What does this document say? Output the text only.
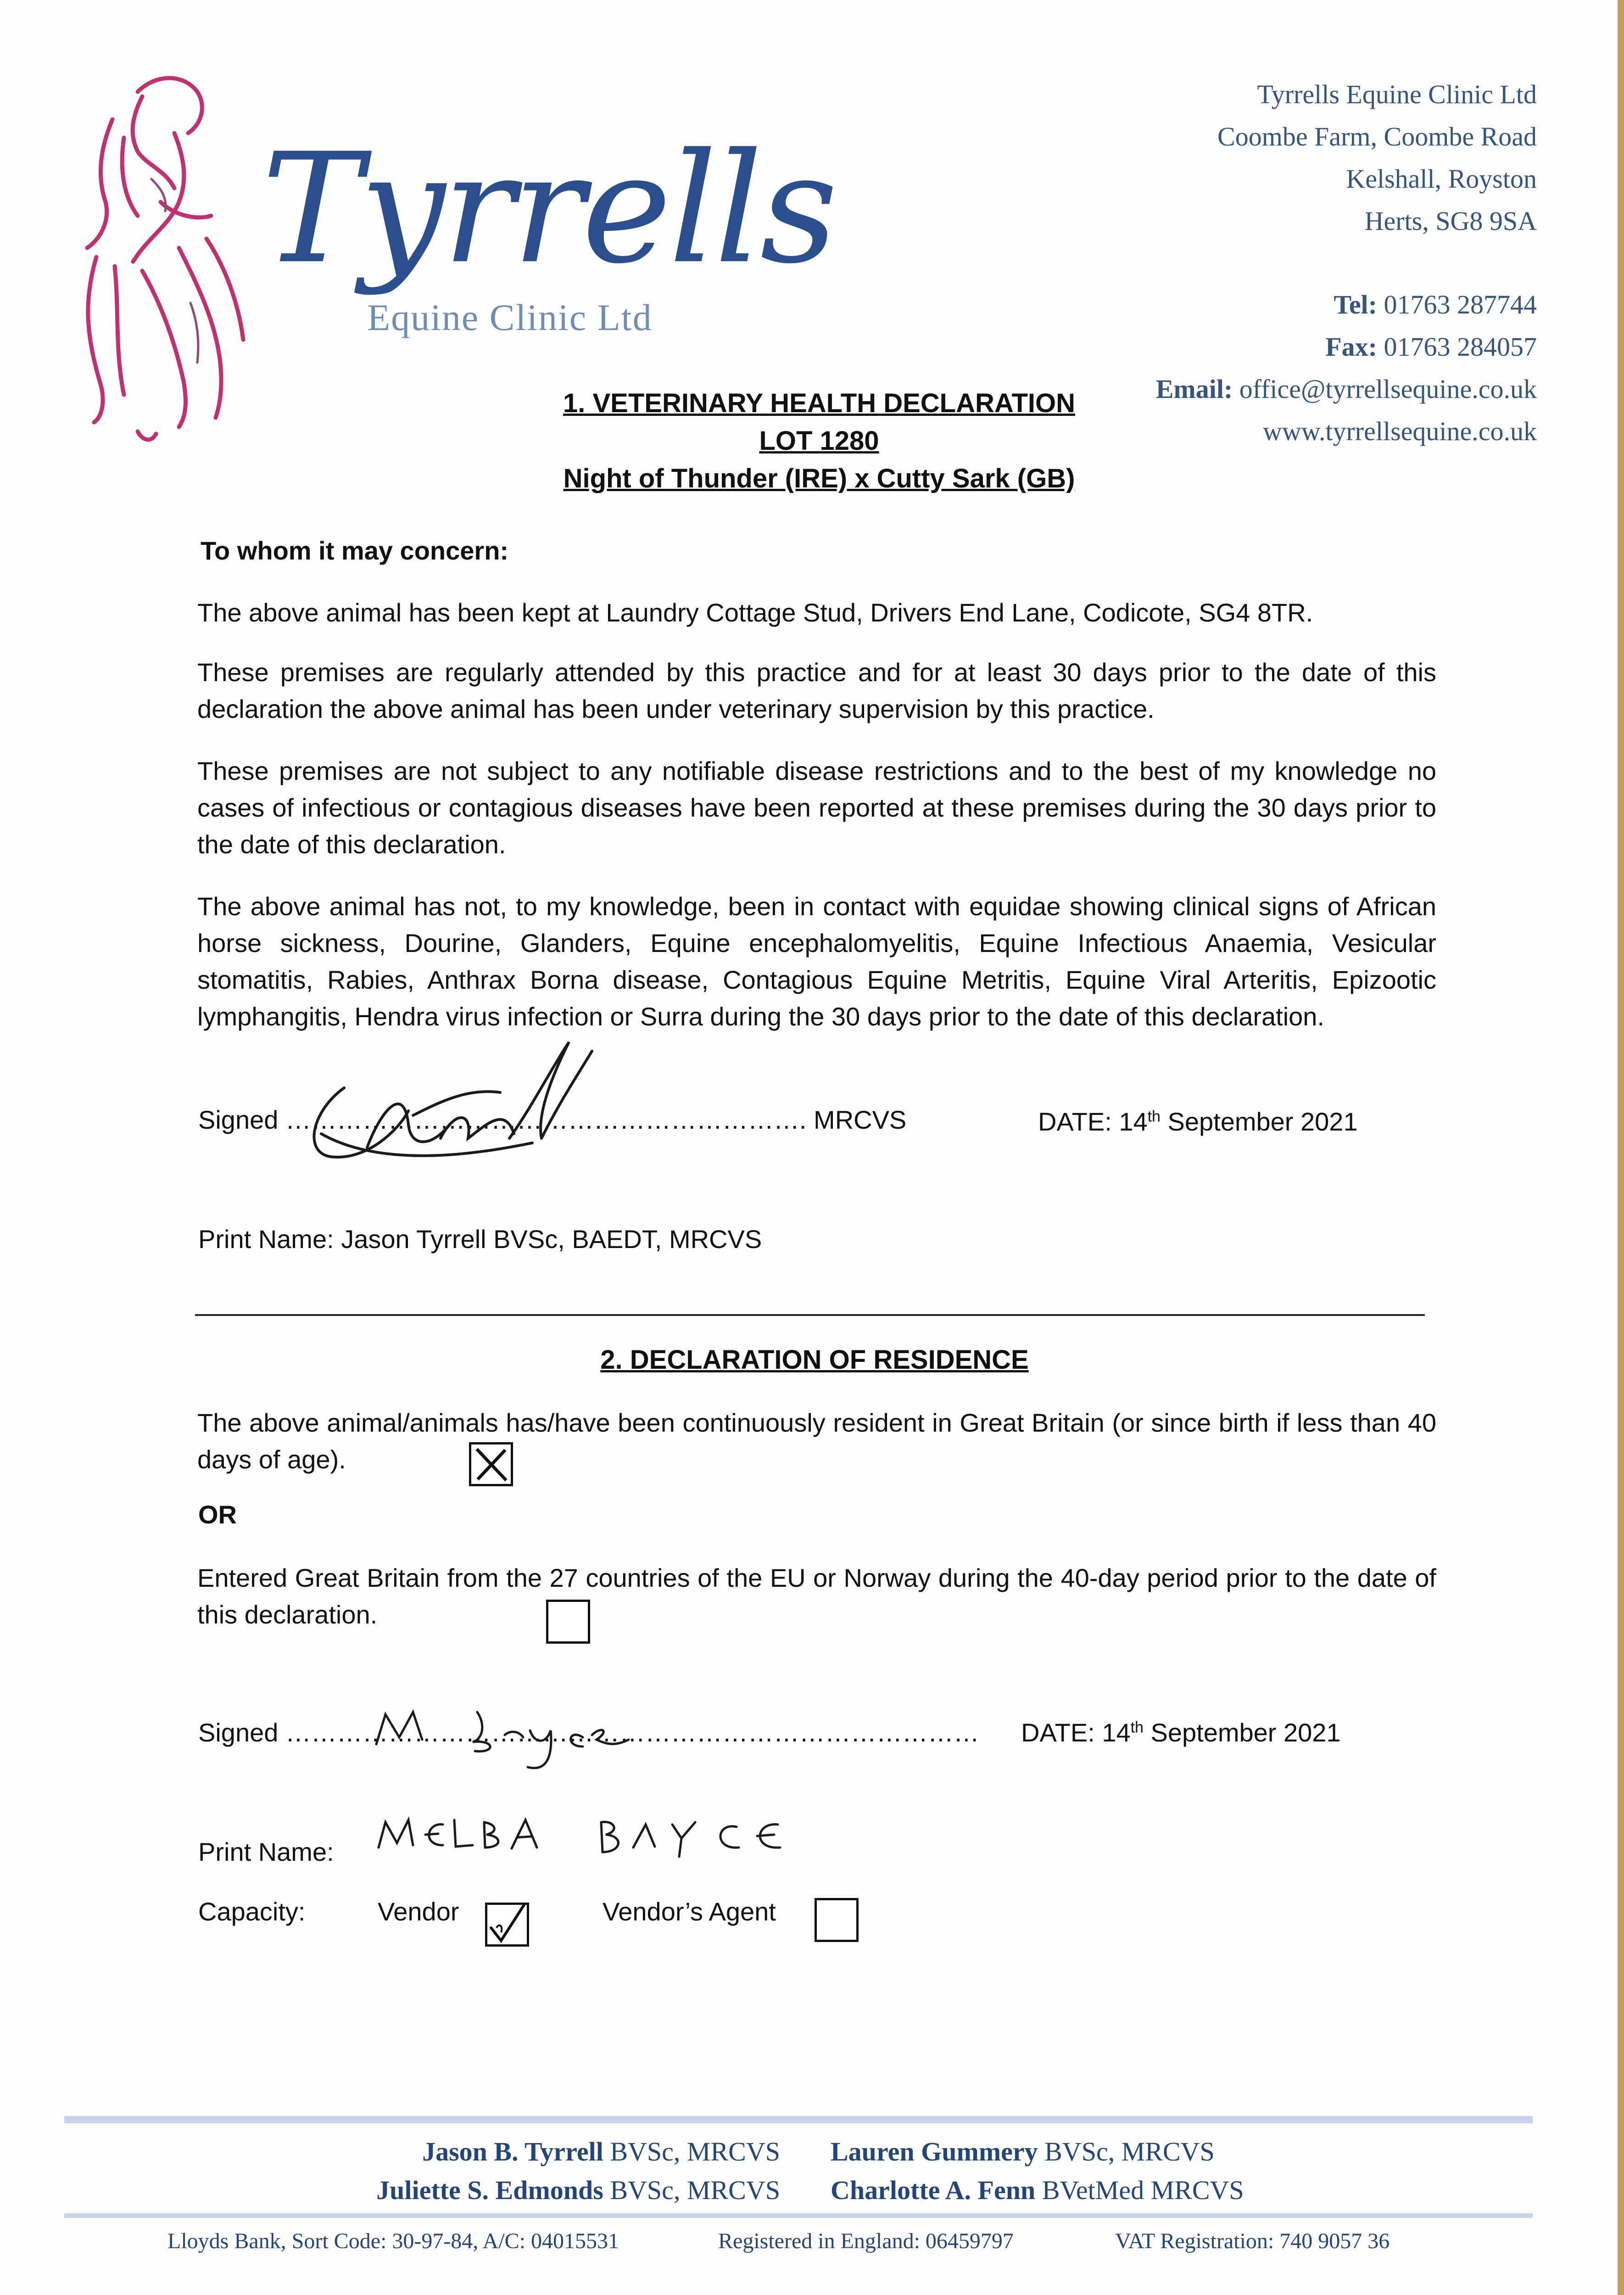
Tyrrells
Equine Clinic Ltd
Tyrrells Equine Clinic Ltd
Coombe Farm, Coombe Road
Kelshall, Royston
Herts, SG8 9SA
Tel: 01763 287744
Fax: 01763 284057
Email: office@tyrrellsequine.co.uk
www.tyrrellsequine.co.uk
1. VETERINARY HEALTH DECLARATION
LOT 1280
Night of Thunder (IRE) x Cutty Sark (GB)
To whom it may concern:
The above animal has been kept at Laundry Cottage Stud, Drivers End Lane, Codicote, SG4 8TR.
These premises are regularly attended by this practice and for at least 30 days prior to the date of this declaration the above animal has been under veterinary supervision by this practice.
These premises are not subject to any notifiable disease restrictions and to the best of my knowledge no cases of infectious or contagious diseases have been reported at these premises during the 30 days prior to the date of this declaration.
The above animal has not, to my knowledge, been in contact with equidae showing clinical signs of African horse sickness, Dourine, Glanders, Equine encephalomyelitis, Equine Infectious Anaemia, Vesicular stomatitis, Rabies, Anthrax Borna disease, Contagious Equine Metritis, Equine Viral Arteritis, Epizootic lymphangitis, Hendra virus infection or Surra during the 30 days prior to the date of this declaration.
Signed ……………………………………………………. MRCVS	DATE: 14th September 2021
Print Name: Jason Tyrrell BVSc, BAEDT, MRCVS
2. DECLARATION OF RESIDENCE
The above animal/animals has/have been continuously resident in Great Britain (or since birth if less than 40 days of age).
OR
Entered Great Britain from the 27 countries of the EU or Norway during the 40-day period prior to the date of this declaration.
Signed ……………………………………………………………………… DATE: 14th September 2021
Print Name:
Capacity:	Vendor	Vendor’s Agent
Jason B. Tyrrell BVSc, MRCVS
Juliette S. Edmonds BVSc, MRCVS
Lauren Gummery BVSc, MRCVS
Charlotte A. Fenn BVetMed MRCVS
Lloyds Bank, Sort Code: 30-97-84, A/C: 04015531	Registered in England: 06459797	VAT Registration: 740 9057 36
